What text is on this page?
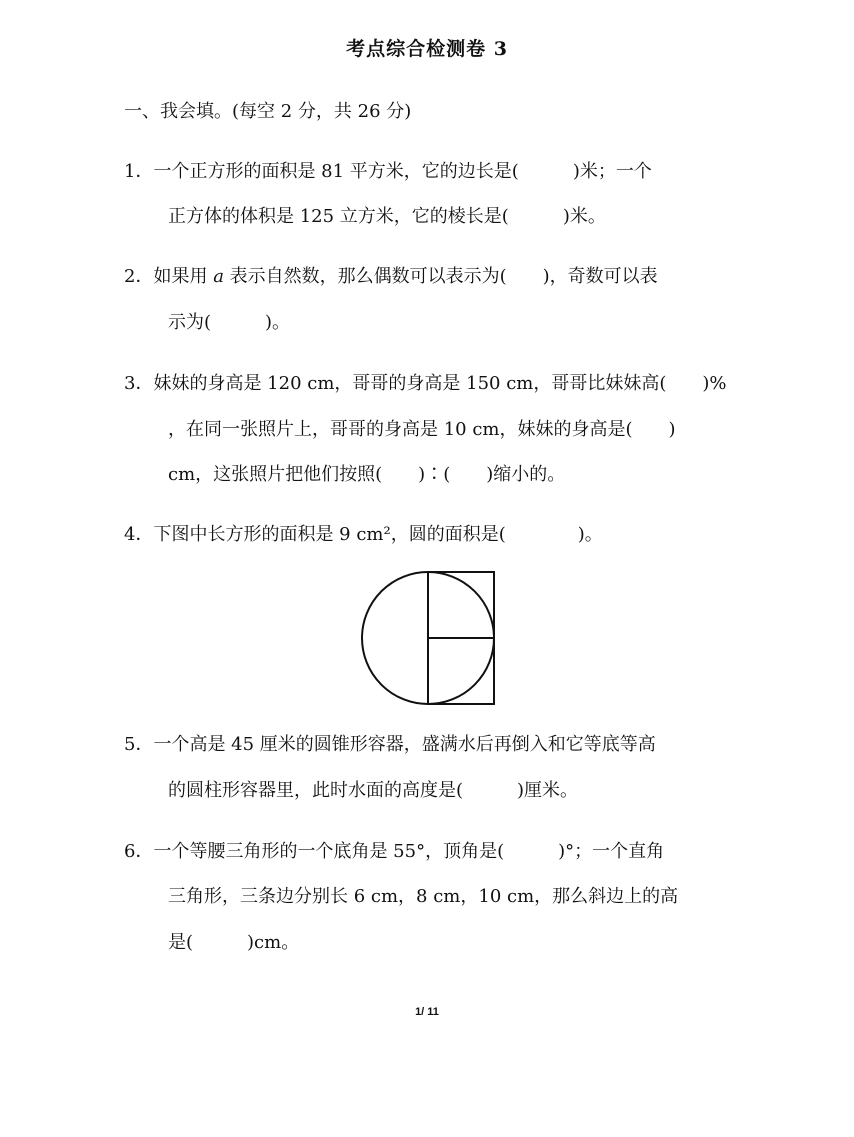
考点综合检测卷 3
一、我会填。(每空 2 分，共 26 分)
1．一个正方形的面积是 81 平方米，它的边长是(　　　)米；一个
正方体的体积是 125 立方米，它的棱长是(　　　)米。
2．如果用 a 表示自然数，那么偶数可以表示为(　　)，奇数可以表
示为(　　　)。
3．妹妹的身高是 120 cm，哥哥的身高是 150 cm，哥哥比妹妹高(　　)%
，在同一张照片上，哥哥的身高是 10 cm，妹妹的身高是(　　)
cm，这张照片把他们按照(　　)∶(　　)缩小的。
4．下图中长方形的面积是 9 cm²，圆的面积是(　　　　)。
5．一个高是 45 厘米的圆锥形容器，盛满水后再倒入和它等底等高
的圆柱形容器里，此时水面的高度是(　　　)厘米。
6．一个等腰三角形的一个底角是 55°，顶角是(　　　)°；一个直角
三角形，三条边分别长 6 cm，8 cm，10 cm，那么斜边上的高
是(　　　)cm。
1/ 11
